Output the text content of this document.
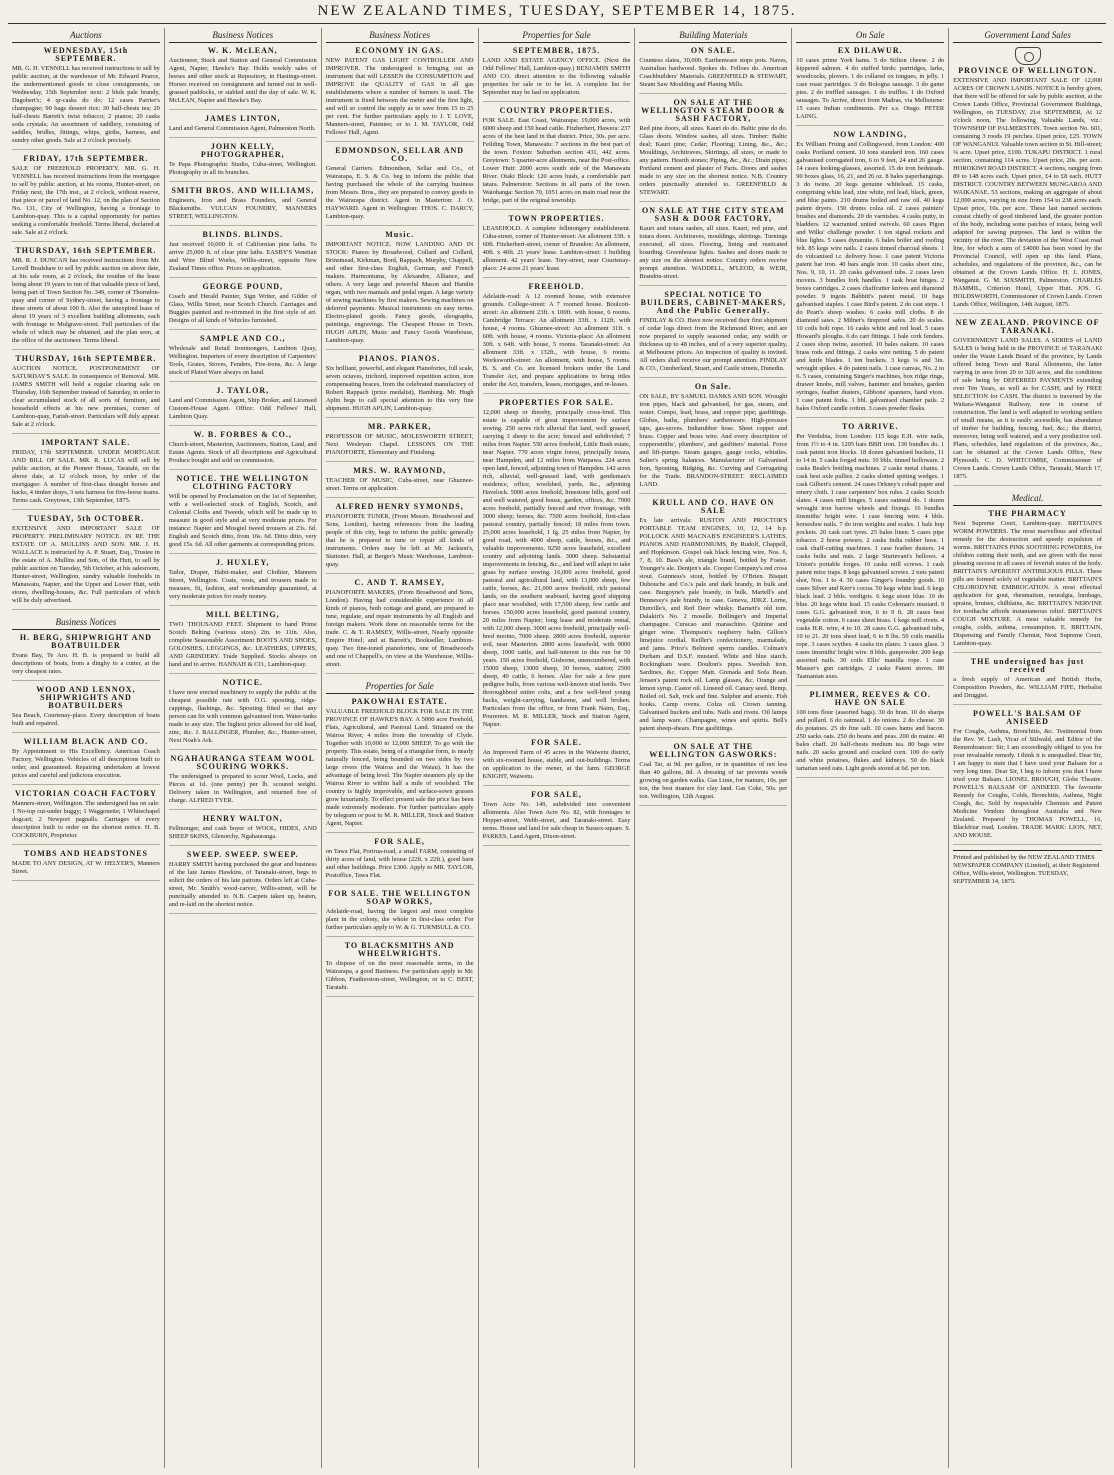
NEW ZEALAND TIMES, TUESDAY, SEPTEMBER 14, 1875.
Auctions
WEDNESDAY, 15th SEPTEMBER.
MR. G. H. VENNELL has received instructions to sell by public auction, at the warehouse of Mr. Edward Pearce, the undermentioned goods to close consignments, on Wednesday, 15th September next: 2 bhds pale brandy, Dagobert's; 4 qr-casks do do; 12 cases Parrier's champagne; 90 bags dessert rice; 30 half-chests tea; 20 half-chests Barrett's twist tobacco; 2 pianos; 20 casks soda crystals; An assortment of saddlery, consisting of saddles, bridles, fittings, whips, girths, harness, and sundry other goods. Sale at 2 o'clock precisely.
FRIDAY, 17th SEPTEMBER.
SALE OF FREEHOLD PROPERTY. MR. G. H. VENNELL has received instructions from the mortgagee to sell by public auction, at his rooms, Hunter-street, on Friday next, the 17th inst., at 2 o'clock, without reserve, that piece or parcel of land No. 12, on the plan of Section No. 131, City of Wellington, having a frontage to Lambton-quay. This is a capital opportunity for parties seeking a comfortable freehold. Terms liberal, declared at sale. Sale at 2 o'clock.
THURSDAY, 16th SEPTEMBER.
MR. R. J. DUNCAN has received instructions from Mr. Lovell Bradshaw to sell by public auction on above date, at his sale room, at 2 o'clock, the residue of the lease being about 19 years to run of that valuable piece of land, being part of Town Section No. 349, corner of Thorndon-quay and corner of Sydney-street, having a frontage to these streets of about 100 ft. Also the unexpired lease of about 19 years of 3 excellent building allotments, each with frontage to Mulgrave-street. Full particulars of the whole of which may be obtained, and the plan seen, at the office of the auctioneer. Terms liberal.
THURSDAY, 16th SEPTEMBER.
AUCTION NOTICE. POSTPONEMENT OF SATURDAY'S SALE. In consequence of Removal. MR. JAMES SMITH will hold a regular clearing sale on Thursday, 16th September instead of Saturday, in order to clear accumulated stock of all sorts of furniture, and household effects at his new premises, corner of Lambton-quay, Farish-street. Particulars will duly appear. Sale at 2 o'clock.
IMPORTANT SALE.
FRIDAY, 17th SEPTEMBER. UNDER MORTGAGE AND BILL OF SALE. MR. R. LUCAS will sell by public auction, at the Pioneer House, Taratahi, on the above date, at 12 o'clock noon, by order of the mortgagee: A number of first-class draught horses and hacks, 4 timber drays, 3 sets harness for five-horse teams. Terms cash. Greytown, 13th September, 1875.
TUESDAY, 5th OCTOBER.
EXTENSIVE AND IMPORTANT SALE OF PROPERTY. PRELIMINARY NOTICE. IN RE THE ESTATE OF A. MULLINS AND SON. MR. J. H. WALLACE is instructed by A. P. Stuart, Esq., Trustee in the estate of A. Mullins and Son, of the Hutt, to sell by public auction on Tuesday, 5th October, at his salesroom, Hunter-street, Wellington, sundry valuable freeholds in Manawatu, Napier, and the Upper and Lower Hutt, with stores, dwelling-houses, &c. Full particulars of which will be duly advertised.
Business Notices
H. BERG, SHIPWRIGHT AND BOATBUILDER
Evans Bay, Te Aro. H. B. is prepared to build all descriptions of boats, from a dinghy to a cutter, at the very cheapest rates.
WOOD AND LENNOX, SHIPWRIGHTS AND BOATBUILDERS
Sea Beach, Courtenay-place. Every description of boats built and repaired.
WILLIAM BLACK AND CO.
By Appointment to His Excellency. American Coach Factory, Wellington. Vehicles of all descriptions built to order, and guaranteed. Repairing undertaken at lowest prices and careful and judicious execution.
VICTORIAN COACH FACTORY
Manners-street, Wellington. The undersigned has on sale: 1 No-top cut-under buggy; 1 Waggonette; 1 Whitechapel dogcart; 2 Newport pagnalls. Carriages of every description built to order on the shortest notice. H. B. COCKBURN, Proprietor.
TOMBS AND HEADSTONES
MADE TO ANY DESIGN, AT W. HELYER'S, Manners Street.
Business Notices
W. K. McLEAN,
Auctioneer, Stock and Station and General Commission Agent, Napier, Hawke's Bay. Holds weekly sales of horses and other stock at Repository, in Hastings-street. Horses received on consignment and turned out in well-grassed paddocks, or stabled until the day of sale. W. K. McLEAN, Napier and Hawke's Bay.
JAMES LINTON,
Land and General Commission Agent, Palmerston North.
JOHN KELLY, PHOTOGRAPHER,
Te Papa Photographic Studio, Cuba-street, Wellington. Photography in all its branches.
SMITH BROS. AND WILLIAMS,
Engineers, Iron and Brass Founders, and General Blacksmiths. VULCAN FOUNDRY, MANNERS STREET, WELLINGTON.
BLINDS. BLINDS.
Just received 10,000 ft. of Californian pine laths. To arrive 25,000 ft. of clear pine laths. EASBY'S Venetian and Wire Blind Works, Willis-street, opposite New Zealand Times office. Prices on application.
GEORGE POUND,
Coach and Herald Painter, Sign Writer, and Gilder of Glass, Willis Street, near Scotch Church. Carriages and Buggies painted and re-trimmed in the first style of art. Designs of all kinds of Vehicles furnished.
SAMPLE AND CO.,
Wholesale and Retail Ironmongers, Lambton Quay, Wellington. Importers of every description of Carpenters' Tools, Grates, Stoves, Fenders, Fire-irons, &c. A large stock of Plated Ware always on hand.
J. TAYLOR,
Land and Commission Agent, Ship Broker, and Licensed Custom-House Agent. Office: Odd Fellows' Hall, Lambton Quay.
W. B. FORBES & CO.,
Church-street, Masterton, Auctioneers, Station, Land, and Estate Agents. Stock of all descriptions and Agricultural Produce bought and sold on commission.
NOTICE. THE WELLINGTON CLOTHING FACTORY
Will be opened by Proclamation on the 1st of September, with a well-selected stock of English, Scotch, and Colonial Cloths and Tweeds, which will be made up to measure in good style and at very moderate prices. For instance: Napier and Mosgiel tweed trousers at 23s. 6d. English and Scotch ditto, from 16s. 6d. Ditto ditto, very good 15s. 6d. All other garments at corresponding prices.
J. HUXLEY,
Tailor, Draper, Habit-maker, and Clothier, Manners Street, Wellington. Coats, vests, and trousers made to measure, fit, fashion, and workmanship guaranteed, at very moderate prices for ready money.
MILL BELTING,
TWO THOUSAND FEET. Shipment to hand Prime Scotch Belting (various sizes) 2in. to 11in. Also, complete Seasonable Assortment BOOTS AND SHOES, GOLOSHES, LEGGINGS, &c. LEATHERS, UPPERS, AND GRINDERY. Trade Supplied. Stocks always on hand and to arrive. HANNAH & CO., Lambton-quay.
NOTICE.
I have now erected machinery to supply the public at the cheapest possible rate with O.G. spouting, ridge-cappings, flashings, &c. Spouting fitted so that any person can fix with common galvanised iron. Water-tanks made to any size. The highest price allowed for old lead, zinc, &c. J. BALLINGER, Plumber, &c., Hunter-street, Next Noah's Ark.
NGAHAURANGA STEAM WOOL SCOURING WORKS.
The undersigned is prepared to scour Wool, Locks, and Pieces at 1d. (one penny) per lb. scoured weight. Delivery taken in Wellington, and returned free of charge. ALFRED TYER.
HENRY WALTON,
Fellmonger, and cash buyer of WOOL, HIDES, AND SHEEP SKINS, Glenorchy, Ngahauranga.
SWEEP. SWEEP. SWEEP.
HARRY SMITH having purchased the gear and business of the late James Hawkins, of Taranaki-street, begs to solicit the orders of his late patrons. Orders left at Cuba-street, Mr. Smith's wood-carver, Willis-street, will be punctually attended to. N.B. Carpets taken up, beaten, and re-laid on the shortest notice.
Business Notices
ECONOMY IN GAS.
NEW PATENT GAS LIGHT CONTROLLER AND IMPROVER. The undersigned is bringing out an instrument that will LESSEN the CONSUMPTION and IMPROVE the QUALITY of GAS in all gas establishments where a number of burners is used. The instrument is fixed between the meter and the first light, and will so control the supply as to save from 15 to 25 per cent. For further particulars apply to J. T. LOVE, Manners-street, Patentee; or to J. M. TAYLOR, Odd Fellows' Hall, Agent.
EDMONDSON, SELLAR AND CO.
General Carriers. Edmondson, Sellar and Co., of Wairarapa, E. S. & Co. beg to inform the public that having purchased the whole of the carrying business from Messrs. Bros., they are prepared to convey goods to the Wairarapa district. Agent in Masterton: J. O. HAYWARD. Agent in Wellington: THOS. C. DARCY, Lambton-quay.
Music.
IMPORTANT NOTICE. NOW LANDING AND IN STOCK: Pianos by Broadwood, Collard and Collard, Brinsmead, Kirkman, Bord, Rappach, Murphy, Chappell, and other first-class English, German, and French makers. Harmoniums, by Alexandre, Alliance, and others. A very large and powerful Mason and Hamlin organ, with two manuals and pedal organ. A large variety of sewing machines by first makers. Sewing machines on deferred payments. Musical instruments on easy terms. Electro-plated goods. Fancy goods, oleographs, paintings, engravings. The Cheapest House in Town. HUGH APLIN, Music and Fancy Goods Warehouse, Lambton-quay.
PIANOS. PIANOS.
Six brilliant, powerful, and elegant Pianofortes, full scale, seven octaves, trichord, improved repetition action, iron compensating braces, from the celebrated manufactory of Robert Rappach (prize medalist), Hamburg. Mr. Hugh Aplin begs to call special attention to this very fine shipment. HUGH APLIN, Lambton-quay.
MR. PARKER,
PROFESSOR OF MUSIC, MOLESWORTH STREET, Next Wesleyan Chapel. LESSONS ON THE PIANOFORTE, Elementary and Finishing.
MRS. W. RAYMOND,
TEACHER OF MUSIC, Cuba-street, near Ghuznee-street. Terms on application.
ALFRED HENRY SYMONDS,
PIANOFORTE TUNER, (From Messrs. Broadwood and Sons, London), having references from the leading people of this city, begs to inform the public generally that he is prepared to tune or repair all kinds of instruments. Orders may be left at Mr. Jackson's, Stationer. Hall, at Berger's Music Warehouse, Lambton-quay.
C. AND T. RAMSEY,
PIANOFORTE MAKERS, (From Broadwood and Sons, London). Having had considerable experience in all kinds of pianos, both cottage and grand, are prepared to tune, regulate, and repair instruments by all English and foreign makers. Work done on reasonable terms for the trade. C. & T. RAMSEY, Willis-street, Nearly opposite Empire Hotel; and at Barrett's, Bookseller, Lambton-quay. Two fine-toned pianofortes, one of Broadwood's and one of Chappell's, on view at the Warehouse, Willis-street.
Properties for Sale
PAKOWHAI ESTATE.
VALUABLE FREEHOLD BLOCK FOR SALE IN THE PROVINCE OF HAWKE'S BAY. A 5000 acre Freehold, Flats, Agricultural, and Pastoral Land. Situated on the Wairoa River, 4 miles from the township of Clyde. Together with 10,000 to 12,000 SHEEP, To go with the property. This estate, being of a triangular form, is nearly naturally fenced, being bounded on two sides by two large rivers (the Wairoa and the Waiau). It has the advantage of being level. The Napier steamers ply up the Wairoa River to within half a mile of woolshed. The country is highly improvable, and surface-sown grasses grow luxuriantly. To effect present sale the price has been made extremely moderate. For further particulars apply by telegram or post to M. R. MILLER, Stock and Station Agent, Napier.
FOR SALE,
on Tawa Flat, Porirua-road, a small FARM, consisting of thirty acres of land, with house (22ft. x 22ft.), good barn and other buildings. Price £300. Apply to MR. TAYLOR, Postoffice, Tawa Flat.
FOR SALE. THE WELLINGTON SOAP WORKS,
Adelaide-road, having the largest and most complete plant in the colony, the whole in first-class order. For further particulars apply to W. & G. TURNBULL & CO.
TO BLACKSMITHS AND WHEELWRIGHTS.
To dispose of on the most reasonable terms, in the Wairarapa, a good Business. For particulars apply to Mr. Gibbon, Featherston-street, Wellington; or to C. BEST, Taratahi.
Properties for Sale
SEPTEMBER, 1875.
LAND AND ESTATE AGENCY OFFICE. (Next the Odd Fellows' Hall, Lambton-quay.) BENJAMIN SMITH AND CO. direct attention to the following valuable properties for sale or to be let. A complete list for September may be had on application.
COUNTRY PROPERTIES.
FOR SALE. East Coast, Wairarapa: 19,000 acres, with 6000 sheep and 150 head cattle. Fitzherbert, Hawera: 237 acres of the best land in that district. Price, 30s. per acre. Feilding Town, Manawatu: 7 sections in the best part of the town. Foxton: Suburban section 431, 442 acres. Greytown: 5 quarter-acre allotments, near the Post-office. Lower Hutt: 2000 acres south side of the Manawatu River. Otaki Block: 120 acres bush, a comfortable part tatara. Palmerston: Sections in all parts of the town. Waiohanga: Section 70, 1051 acres on main road near the bridge, part of the original township.
TOWN PROPERTIES.
LEASEHOLD. A complete fellmongery establishment. Cuba-street, corner of Hunter-street: An allotment 33ft. x 60ft. Fitzherbert-street, corner of Brandon: An allotment, 40ft. x 40ft. 21 years' lease. Lambton-street: 1 building allotment. 42 years' lease. Tory-street, near Courtenay-place: 24 acres 21 years' lease.
FREEHOLD.
Adelaide-road: A 12 roomed house, with extensive grounds. College-street: A 7 roomed house. Boulcott-street: An allotment 23ft. x 100ft. with house, 6 rooms. Cambridge Terrace: An allotment 33ft. x 112ft. with house, 4 rooms. Ghuznee-street: An allotment 31ft. x 60ft. with house, 4 rooms. Victoria-place: An allotment 30ft. x 64ft. with house, 5 rooms. Taranaki-street: An allotment 33ft. x 132ft., with house, 6 rooms. Worksworth-street: An allotment, with house, 5 rooms. B. S. and Co. are licensed brokers under the Land Transfer Act, and prepare applications to bring titles under the Act, transfers, leases, mortgages, and re-leases.
PROPERTIES FOR SALE.
12,000 sheep or thereby, principally cross-bred. This estate is capable of great improvement by surface sowing. 250 acres rich alluvial flat land, well grassed, carrying 3 sheep to the acre; fenced and subdivided; 7 miles from Napier. 550 acres freehold, Little Bush estate, near Napier. 770 acres virgin forest, principally totara, near Hampden, and 12 miles from Waipawa. 224 acres open land, fenced, adjoining town of Hampden. 142 acres rich, alluvial, well-grassed land, with gentleman's residence, office, woolshed, yards, &c., adjoining Havelock. 5000 acres freehold, limestone hills, good soil and well watered, good house, garden, offices, &c. 7000 acres freehold, partially fenced and river frontage, with 3000 sheep; horses, &c. 7500 acres freehold, first-class pastoral country, partially fenced; 18 miles from town. 25,000 acres leasehold, 1 fg. 25 miles from Napier, by good road, with 4000 sheep, cattle, horses, &c., and valuable improvements. 9250 acres leasehold, excellent country and adjoining lands. 3000 sheep. Substantial improvements in fencing, &c., and land will adapt to take grass by surface sowing. 16,000 acres freehold, good pastoral and agricultural land, with 13,000 sheep, few cattle, horses, &c. 21,000 acres freehold, rich pastoral lands, on the southern seaboard, having good shipping place near woolshed, with 17,500 sheep, few cattle and horses. 150,000 acres leasehold, good pastoral country, 20 miles from Napier; long lease and moderate rental, with 12,000 sheep. 3000 acres freehold, principally well-bred merino, 7000 sheep. 2800 acres freehold, superior soil, near Masterton. 2800 acres leasehold, with 9000 sheep, 1000 cattle, and half-interest in this run for 50 years. 150 acres freehold, Gisborne, unencumbered, with 15000 sheep, 13000 sheep, 30 horses, station; 2500 sheep, 40 cattle, 6 horses. Also for sale a few pure pedigree bulls, from various well-known stud herds. Two thoroughbred entire colts, and a few well-bred young hacks, weight-carrying, handsome, and well broken. Particulars from the office, or from Frank Nairn, Esq., Pourerere. M. R. MILLER, Stock and Station Agent, Napier.
FOR SALE.
An Improved Farm of 45 acres in the Waiwetu district, with six-roomed house, stable, and out-buildings. Terms on application to the owner, at the farm. GEORGE KNIGHT, Waiwetu.
FOR SALE,
Town Acre No. 149, subdivided into convenient allotments. Also Town Acre No. 82, with frontages to Hopper-street, Webb-street, and Taranaki-street. Easy terms. House and land for sale cheap in Sussex-square. S. PARKES, Land Agent, Dixon-street.
Building Materials
ON SALE.
Countess slates, 30,000. Earthenware stops pots. Naves, Australian hardwood. Spokes do. Felloes do. American Coachbuilders' Materials. GREENFIELD & STEWART, Steam Saw Moulding and Planing Mills.
ON SALE AT THE WELLINGTON STEAM DOOR & SASH FACTORY,
Red pine doors, all sizes. Kauri do do. Baltic pine do do. Glass doors. Window sashes, all sizes. Timber: Baltic deal; Kauri pine; Cedar; Flooring; Lining, &c., &c.; Mouldings, Architraves, Skirtings, all sizes, or made to any pattern. Hearth stones; Piping, &c., &c.; Drain pipes; Portland cement and plaster of Paris. Doors and sashes made to any size on the shortest notice. N.B. Country orders punctually attended to. GREENFIELD & STEWART.
ON SALE AT THE CITY STEAM SASH & DOOR FACTORY,
Kauri and totara sashes, all sizes. Kauri, red pine, and totara doors. Architraves, mouldings, skirtings. Turnings executed, all sizes. Flooring, lining and rusticated boarding. Greenhouse lights. Sashes and doors made to any size on the shortest notice. Country orders receive prompt attention. WADDELL, M'LEOD, & WEIR, Brandon-street.
SPECIAL NOTICE TO BUILDERS, CABINET-MAKERS, And the Public Generally.
FINDLAY & CO. Have now received their first shipment of cedar logs direct from the Richmond River, and are now prepared to supply seasoned cedar, any width or thickness up to 48 inches, and of a very superior quality, at Melbourne prices. An inspection of quality is invited. All orders shall receive our prompt attention. FINDLAY & CO., Cumberland, Stuart, and Castle streets, Dunedin.
On Sale.
ON SALE, BY SAMUEL DANKS AND SON. Wrought iron pipes, black and galvanised, for gas, steam, and water. Compo, lead, brass, and copper pipe; gasfittings. Globes, baths, plumbers' earthenware. High-pressure taps, gas-stoves. Indiarubber hose. Sheet copper and brass. Copper and brass wire. And every description of coppersmiths', plumbers', and gasfitters' material. Force and lift-pumps. Steam gauges, gauge cocks, whistles. Salter's spring balances. Manufacturer of Galvanised Iron, Spouting, Ridging, &c. Curving and Corrugating for the Trade. BRANDON-STREET. RECLAIMED LAND.
KRULL AND CO. HAVE ON SALE
Ex late arrivals: RUSTON AND PROCTOR'S PORTABLE TEAM ENGINES, 10, 12, 14 h.p. POLLOCK AND MACNAB'S ENGINEER'S LATHES. PIANOS AND HARMONIUMS, By Rudolf, Chappell, and Hopkinson. Gospel oak black fencing wire, Nos. 6, 7, 8, 10. Bass's ale, triangle brand, bottled by Foster. Younger's ale. Dentjen's ale. Cooper Company's red cross stout. Guinness's stout, bottled by O'Brien. Bisquit Dubouche and Co.'s pale and dark brandy, in bulk and case. Burgoyne's pale brandy, in bulk. Martell's and Hennessy's pale brandy, in case. Geneva, JDKZ. Lorne, Dunville's, and Red Deer whisky. Barnett's old tom. Dalakirt's No. 2 moselle. Bollinger's and Imperial champagne. Curacao and maraschino. Quinine and ginger wine. Thompson's raspberry balm. Gillon's limejuice cordial. Keiller's confectionery, marmalade, and jams. Price's Belmont sperm candles. Colman's Durham and D.S.F. mustard. White and blue starch. Rockingham ware. Doulton's pipes. Swedish iron. Sardines, &c. Copper Matt. Grenada and Sofa Bean. Jensen's patent rock oil. Lamp glasses, &c. Orange and lemon syrup. Castor oil. Linseed oil. Canary seed. Hemp. Boiled oil. Salt, rock and fine. Sulphur and arsenic. Fish hooks. Camp ovens. Colza oil. Crown tanning. Galvanised buckets and tubs. Nails and rivets. Oil lamps and lamp ware. Champagne, wines and spirits. Bell's patent sheep-shears. Fine gasfittings.
ON SALE AT THE WELLINGTON GASWORKS:
Coal Tar, at 9d. per gallon, or in quantities of not less than 40 gallons, 8d. A dressing of tar prevents weeds growing on garden walks. Gas Lime, for manure, 10s. per ton, the best manure for clay land. Gas Coke, 50s. per ton. Wellington, 12th August.
On Sale
EX DILAWUR.
10 cases prime York hams. 5 do Stilton cheese. 2 do kippered salmon. 4 do stuffed birds: partridges, larks, woodcocks, plovers. 1 do collared ox tongues, in jelly. 1 case roast partridges. 3 do Bologna sausage. 3 do game pies. 2 do truffled sausages. 1 do truffles. 1 do Oxford sausages. To Arrive, direct from Madras, via Melbourne: 15 cases Indian condiments. Per s.s. Otago. PETER LAING.
NOW LANDING,
Ex William Fruing and Collingwood, from London: 400 casks Portland cement. 10 tons standard iron. 160 cases galvanised corrugated iron, 6 to 9 feet, 24 and 26 gauge. 14 cases looking-glasses, assorted. 15 do iron bedsteads. 90 boxes glass, 16, 21, and 26 oz. 8 bales paperhangings. 3 do twine. 20 kegs genuine whitelead. 15 casks, comprising white lead, zinc white, red lead, black, green, and blue paints. 210 drums boiled and raw oil. 40 kegs patent dryers. 150 drums colza oil. 2 cases painters' brushes and diamonds. 20 do varnishes. 4 casks putty, in bladders. 12 warranted united swivels. 60 cases Pigon and Wilks' challenge powder. 1 ton signal rockets and blue lights. 5 cases dynamite. 6 bales boiler and roofing felt. 85 kegs wire nails. 2 cases tinned charcoal sheets. 1 do vulcanised i.r. delivery hose. 1 case patent Victoria patent bar iron. 40 bars angle iron. 10 casks sheet zinc, Nos. 9, 10, 11. 20 casks galvanised tubs. 2 cases lawn movers. 3 bundles fork handles. 1 cask boat hinges. 2 boxes cartridges. 2 cases chaffcutter knives and diamond powder. 9 ingots Babbitt's patent metal. 10 bags galvanised staples. 1 case Bird's patent. 2 do cast steps. 1 do Peart's sheep washes. 6 casks mill cloths. 8 do diamond saws. 2 Milner's fireproof safes. 20 do scales. 10 coils bolt rope. 16 casks white and red lead. 5 cases Howard's ploughs. 6 do cart fittings. 1 bale cork fenders. 2 cases shop twine, assorted. 10 bales oakum. 10 cases brass rods and fittings. 2 casks wire netting. 5 do patent and knife blades. 1 ton buckets. 3 kegs ¼ and 3in. wrought spikes. 4 do patent nails. 1 case canvas, No. 2 to 6. 5 cases, containing Singer's machines, box ridge rings, drawer knobs, mill valves, hammer and brushes, garden syringes, feather dusters, Gibbons' spanners, hand vices. 1 case patent forks. 1 bbl. galvanised chamber pails. 2 bales Oxford candle cotton. 3 cases powder flasks.
TO ARRIVE.
Per Verdubia, from London: 115 kegs E.H. wire nails, from 1½ to 4 in. 1205 bars BBH iron. 130 bundles do. 1 cask patent iron blocks. 18 dozen galvanised buckets, 11 to 14 in. 5 casks forged nuts. 10 bbls. tinned holloware. 2 casks Beale's bottling machines. 2 casks metal chains. 1 cask best axle pullies. 2 casks slotted spitting wedges. 1 cask Gilbert's cement. 24 cases Orkney's cobalt paper and emery cloth. 1 case carpenters' box rules. 2 casks Scotch slates. 4 cases mill hinges. 5 cases oatmeal do. 1 dozen wrought iron barrow wheels and fixings. 16 bundles tinsmiths' bright wire. 1 case fencing wire. 4 bbls. horseshoe nails. 7 do iron weights and scales. 1 bale hop pockets. 20 cask cart tyres. 25 bales linen. 5 cases pipe tobacco. 2 horse powers. 2 casks India rubber hose. 1 cask chaff-cutting machines. 1 case feather dusters. 14 casks bolts and nuts. 2 large Sturtevant's bellows. 4 Union's portable forges. 10 casks mill screws. 1 cask patent mice traps. 8 kegs galvanised screws. 2 tons patent shot, Nos. 1 to 4. 30 cases Ginger's foundry goods. 10 cases Silver and Kerr's cocoa. 50 kegs white lead. 6 kegs black lead. 2 bbls. verdigris. 6 kegs stone blue. 10 do blue. 20 kegs white lead. 15 casks Coleman's mustard. 9 cases G.G. galvanised iron, 6 to 9 ft. 28 cases best vegetable cotton. 6 cases sheet brass. 1 kegs mill rivets. 4 casks H.R. wire, 4 to 10. 28 cases G.G. galvanised tubs, 10 to 21. 20 tons sheet lead, 6 to 8 lbs. 50 coils manilla rope. 3 cases scythes. 4 casks tin plates. 3 cases glass. 3 cases tinsmiths' bright wire. 8 bbls. gunpowder. 200 kegs assorted nails. 30 coils Ellis' manilla rope. 1 case Mauser's gun cartridges. 2 casks Patent stoves. 80 Tasmanian axes.
PLIMMER, REEVES & CO. HAVE ON SALE
100 tons flour (assorted bags). 30 do bran. 10 do sharps and pollard. 6 do oatmeal. 1 do onions. 2 do cheese. 30 do potatoes. 25 do fine salt. 10 cases hams and bacon. 250 sacks oats. 250 do beans and peas. 200 do maize. 40 bales chaff. 20 half-chests medium tea. 80 bags wire nails. 20 sacks ground and cracked corn. 100 do early and white potatoes, flukes and kidneys. 50 do black tartarian seed oats. Light goods stored at 6d. per ton.
Government Land Sales
PROVINCE OF WELLINGTON.
EXTENSIVE AND IMPORTANT SALE OF 12,000 ACRES OF CROWN LANDS. NOTICE is hereby given, that there will be offered for sale by public auction, at the Crown Lands Office, Provincial Government Buildings, Wellington, on TUESDAY, 21st SEPTEMBER, At 12 o'clock noon, The following Valuable Lands, viz.: TOWNSHIP OF PALMERSTON. Town section No. 601, containing 3 roods 19 perches. Upset price, £25. TOWN OF WANGANUI. Valuable town section in St. Hill-street; ¼ acre. Upset price, £100. TUKAPU DISTRICT. 1 rural section, containing 114 acres. Upset price, 20s. per acre. HOROKIWI ROAD DISTRICT. 4 sections, ranging from 89 to 148 acres each. Upset price, £4 to £8 each. HUTT DISTRICT. COUNTRY BETWEEN MUNGAROA AND WAIKANAE. 53 sections, making an aggregate of about 12,000 acres, varying in size from 154 to 238 acres each. Upset price, 10s. per acre. These last named sections consist chiefly of good timbered land, the greater portion of the body, including some patches of totara, being well adapted for sawing purposes. The land is within the vicinity of the river. The deviation of the West Coast road line, for which a sum of £4000 has been voted by the Provincial Council, will open up this land. Plans, schedules, and regulations of the province, &c., can be obtained at the Crown Lands Office. H. J. JONES, Wanganui. G. M. SIXSMITH, Palmerston. CHARLES HAMMIL, Criterion Hotel, Upper Hutt. JOS. G. HOLDSWORTH, Commissioner of Crown Lands. Crown Lands Office, Wellington, 14th August, 1875.
NEW ZEALAND. PROVINCE OF TARANAKI.
GOVERNMENT LAND SALES. A SERIES of LAND SALES is being held in the PROVINCE of TARANAKI under the Waste Lands Board of the province, by Lands offered being Town and Rural Allotments, the latter varying in area from 20 to 320 acres, and the conditions of sale being by DEFERRED PAYMENTS extending over Ten Years, as well as for CASH; and by FREE SELECTION for CASH. The district is traversed by the Waitara-Wanganui Railway, now in course of construction. The land is well adapted to working settlers of small means, as it is easily accessible, has abundance of timber for building, fencing, fuel, &c.; the district, moreover, being well watered, and a very productive soil. Plans, schedules, land regulations of the province, &c., can be obtained at the Crown Lands Office, New Plymouth. C. D. WHITCOMBE, Commissioner of Crown Lands. Crown Lands Office, Taranaki, March 17, 1875.
Medical.
THE PHARMACY
Next Supreme Court, Lambton-quay. BRITTAIN'S WORM POWDERS. The most marvellous and effectual remedy for the destruction and speedy expulsion of worms. BRITTAIN'S PINK SOOTHING POWDERS, for children cutting their teeth, and are given with the most pleasing success in all cases of feverish states of the body. BRITTAIN'S APERIENT ANTIBILIOUS PILLS. These pills are formed solely of vegetable matter. BRITTAIN'S CHLORODYNE EMBROCATION. A most effectual application for gout, rheumatism, neuralgia, lumbago, sprains, bruises, chilblains, &c. BRITTAIN'S NERVINE for toothache affords instantaneous relief. BRITTAIN'S COUGH MIXTURE. A most valuable remedy for coughs, colds, asthma, consumption. E. BRITTAIN, Dispensing and Family Chemist, Next Supreme Court, Lambton-quay.
THE undersigned has just received
a fresh supply of American and British Herbs, Composition Powders, &c. WILLIAM FIFE, Herbalist and Druggist.
POWELL'S BALSAM OF ANISEED
For Coughs, Asthma, Bronchitis, &c. Testimonial from the Rev. W. Lush, Vicar of Stilwald, and Editor of the Remembrancer: Sir, I am exceedingly obliged to you for your invaluable remedy. I think it is unequalled. Dear Sir, I am happy to state that I have used your Balsam for a very long time. Dear Sir, I beg to inform you that I have tried your Balsam. LIONEL BROUGH, Globe Theatre. POWELL'S BALSAM OF ANISEED. The favourite Remedy for Coughs, Colds, Bronchitis, Asthma, Night Cough, &c. Sold by respectable Chemists and Patent Medicine Vendors throughout Australia and New Zealand. Prepared by THOMAS POWELL, 16, Blackfriar road, London. TRADE MARK: LION, NET, AND MOUSE.
Printed and published by the NEW ZEALAND TIMES NEWSPAPER COMPANY (Limited), at their Registered Office, Willis-street, Wellington. TUESDAY, SEPTEMBER 14, 1875.
